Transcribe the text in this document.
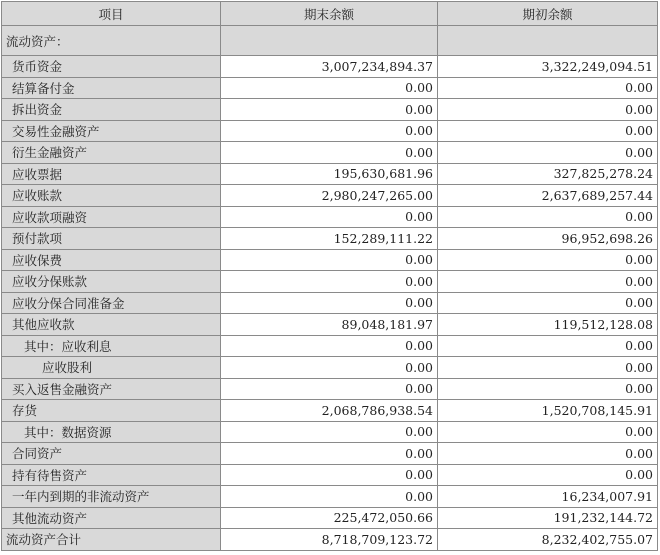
项目	期末余额	期初余额
流动资产：		
货币资金	3,007,234,894.37	3,322,249,094.51
结算备付金	0.00	0.00
拆出资金	0.00	0.00
交易性金融资产	0.00	0.00
衍生金融资产	0.00	0.00
应收票据	195,630,681.96	327,825,278.24
应收账款	2,980,247,265.00	2,637,689,257.44
应收款项融资	0.00	0.00
预付款项	152,289,111.22	96,952,698.26
应收保费	0.00	0.00
应收分保账款	0.00	0.00
应收分保合同准备金	0.00	0.00
其他应收款	89,048,181.97	119,512,128.08
其中：应收利息	0.00	0.00
应收股利	0.00	0.00
买入返售金融资产	0.00	0.00
存货	2,068,786,938.54	1,520,708,145.91
其中：数据资源	0.00	0.00
合同资产	0.00	0.00
持有待售资产	0.00	0.00
一年内到期的非流动资产	0.00	16,234,007.91
其他流动资产	225,472,050.66	191,232,144.72
流动资产合计	8,718,709,123.72	8,232,402,755.07
